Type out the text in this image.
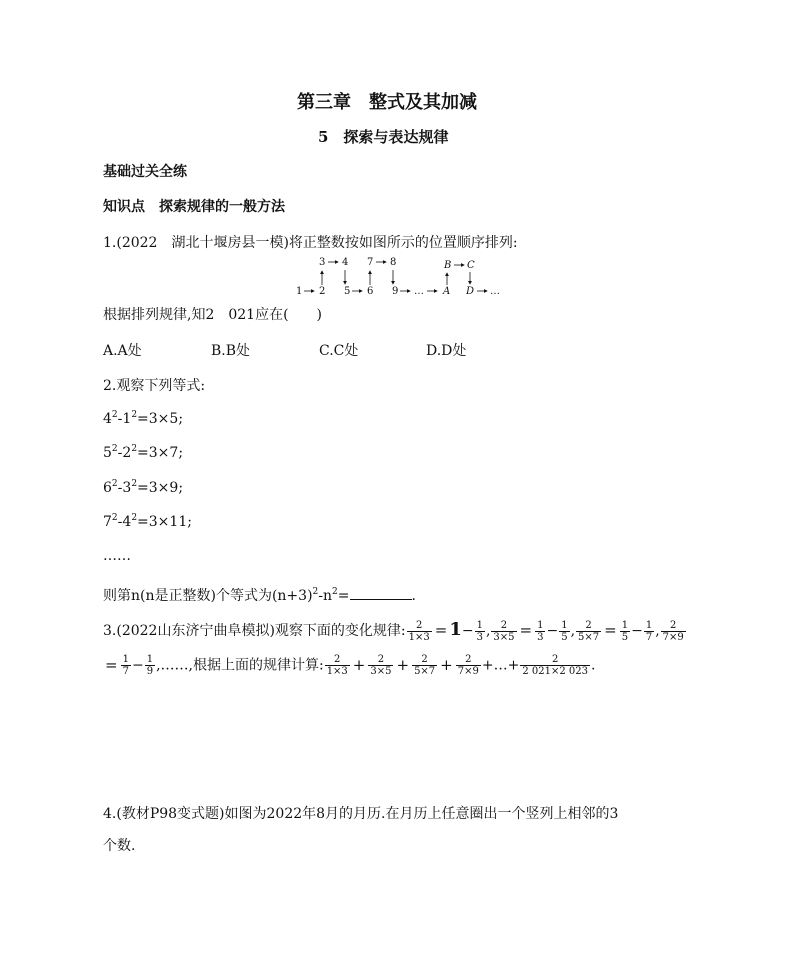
第三章　整式及其加减
5　探索与表达规律
基础过关全练
知识点　探索规律的一般方法
1.(2022　湖北十堰房县一模)将正整数按如图所示的位置顺序排列:
3 4 7 8	B C
1 2 5 6 9 … A D …
根据排列规律,知2　021应在(　　)
A.A处	B.B处	C.C处	D.D处
2.观察下列等式:
$4^2-1^2=3\times 5$;
$5^2-2^2=3\times 7$;
$6^2-3^2=3\times 9$;
$7^2-4^2=3\times 11$;
……
则第n(n是正整数)个等式为$(n+3)^2-n^2=$	.
3.(2022山东济宁曲阜模拟)观察下面的变化规律: $\frac{2}{1\times 3} = 1- \frac{1}{3}$ , $\frac{2}{3\times 5} = \frac{1}{3} - \frac{1}{5}$ , $\frac{2}{5\times 7} = \frac{1}{5} - \frac{1}{7}$ , $\frac{2}{7\times 9}$
= $\frac{1}{7} - \frac{1}{9}$ ,……,根据上面的规律计算: $\frac{2}{1\times 3} + \frac{2}{3\times 5} + \frac{2}{5\times 7} + \frac{2}{7\times 9}$ +…+ $\frac{2}{2 021\times 2 023}$ .
4.(教材P98变式题)如图为2022年8月的月历.在月历上任意圈出一个竖列上相邻的3
个数.
